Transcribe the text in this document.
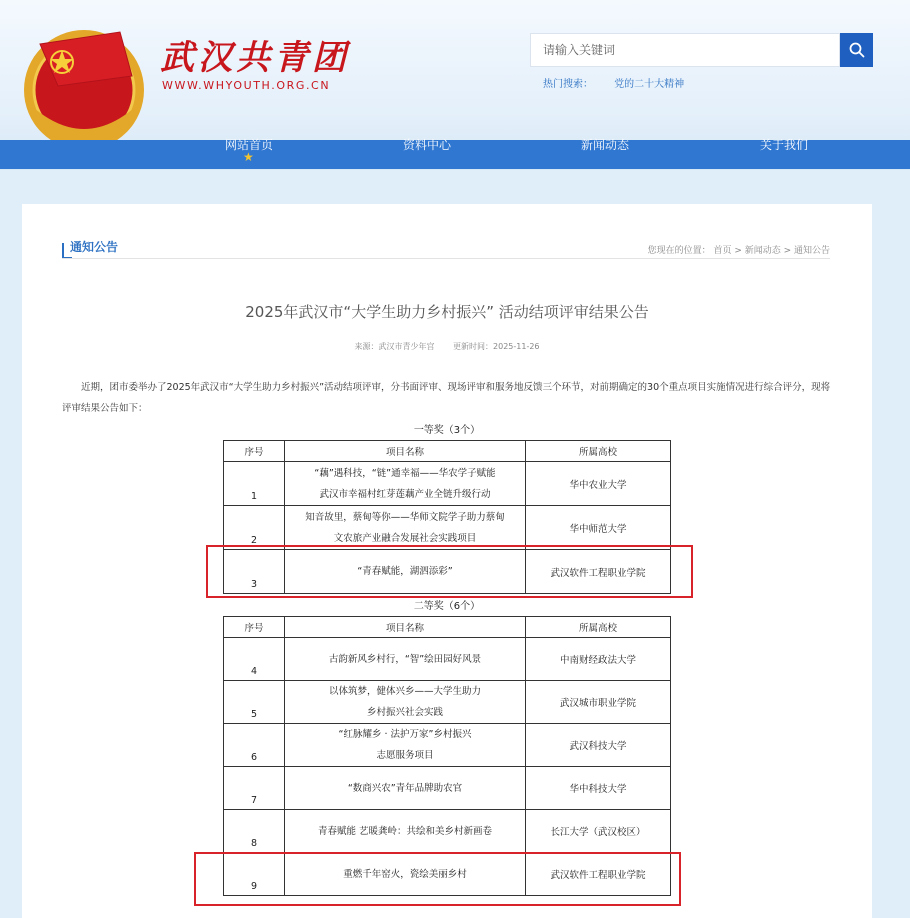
武汉共青团
WWW.WHYOUTH.ORG.CN
请输入关键词	热门搜索： 党的二十大精神
网站首页	资料中心	新闻动态	关于我们
★
通知公告	您现在的位置： 首页 > 新闻动态 > 通知公告
2025年武汉市“大学生助力乡村振兴” 活动结项评审结果公告
来源：武汉市青少年宫 更新时间：2025-11-26
近期，团市委举办了2025年武汉市“大学生助力乡村振兴”活动结项评审，分书面评审、现场评审和服务地反馈三个环节，对前期确定的30个重点项目实施情况进行综合评分，现将评审结果公告如下：
一等奖（3个）
序号	项目名称	所属高校
1	“藕”遇科技，“链”通幸福——华农学子赋能
武汉市幸福村红芽莲藕产业全链升级行动	华中农业大学
2	知音故里，蔡甸等你——华师文院学子助力蔡甸
文农旅产业融合发展社会实践项目	华中师范大学
3	“青春赋能，湖泗添彩”	武汉软件工程职业学院
二等奖（6个）
序号	项目名称	所属高校
4	古韵新风乡村行，“智”绘田园好风景	中南财经政法大学
5	以体筑梦，健体兴乡——大学生助力
乡村振兴社会实践	武汉城市职业学院
6	“红脉耀乡 · 法护万家”乡村振兴
志愿服务项目	武汉科技大学
7	“数商兴农”青年品牌助农官	华中科技大学
8	青春赋能 艺暖龚岭：共绘和美乡村新画卷	长江大学（武汉校区）
9	重燃千年窑火，瓷绘美丽乡村	武汉软件工程职业学院
